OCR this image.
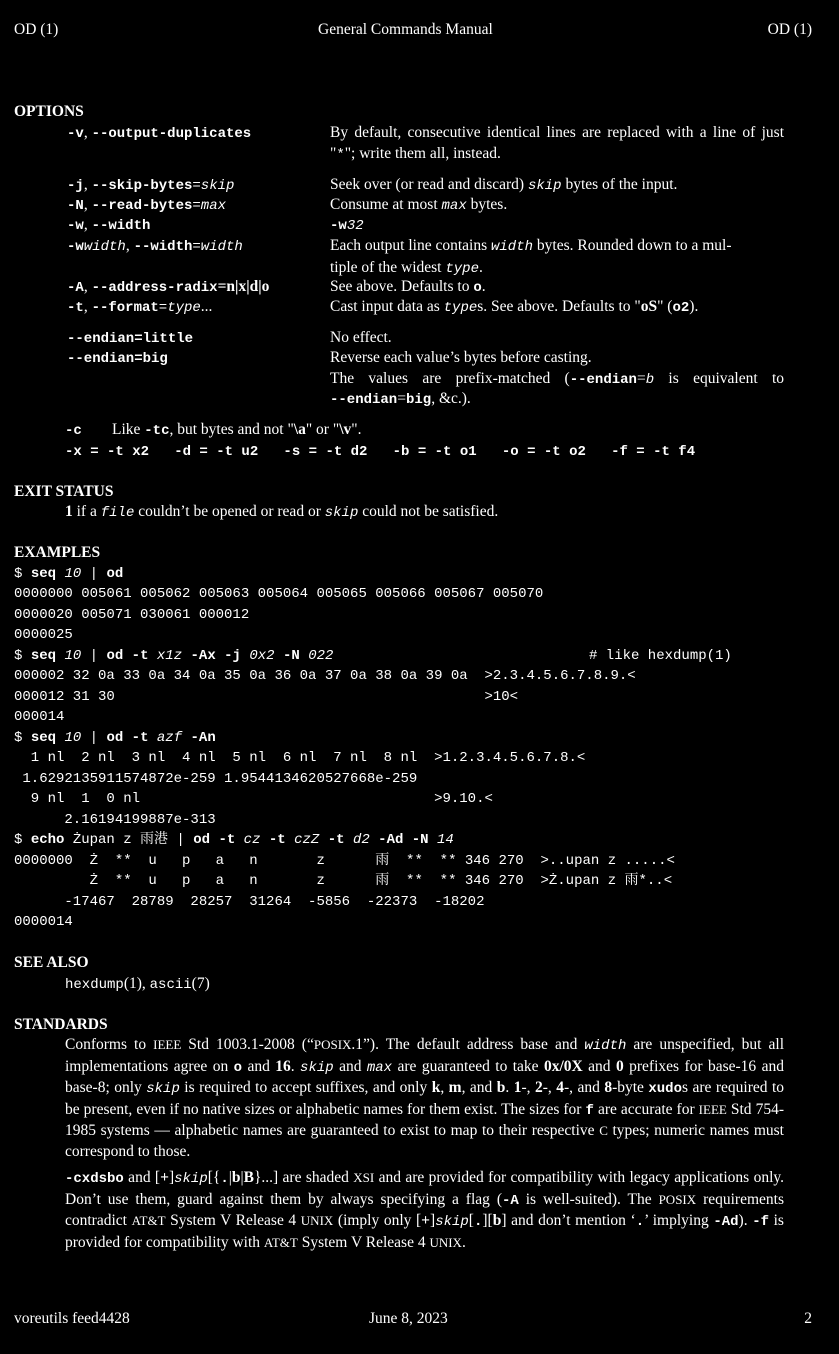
OD (1)	General Commands Manual	OD (1)
OPTIONS
-v, --output-duplicates	By default, consecutive identical lines are replaced with a line of just "*"; write them all, instead.
-j, --skip-bytes=skip	Seek over (or read and discard) skip bytes of the input.
-N, --read-bytes=max	Consume at most max bytes.
-w, --width	-w32
-wwidth, --width=width	Each output line contains width bytes. Rounded down to a mul-
tiple of the widest type.
-A, --address-radix=n|x|d|o	See above. Defaults to o.
-t, --format=type...	Cast input data as types. See above. Defaults to "oS" (o2).
--endian=little	No effect.
--endian=big	Reverse each value’s bytes before casting.
The values are prefix-matched (--endian=b is equivalent to
--endian=big, &c.).
-c Like -tc, but bytes and not "\a" or "\v".
-x = -t x2   -d = -t u2   -s = -t d2   -b = -t o1   -o = -t o2   -f = -t f4
EXIT STATUS
1 if a file couldn’t be opened or read or skip could not be satisfied.
EXAMPLES
$ seq 10 | od
0000000 005061 005062 005063 005064 005065 005066 005067 005070
0000020 005071 030061 000012
0000025
$ seq 10 | od -t x1z -Ax -j 0x2 -N 022	# like hexdump(1)
000002 32 0a 33 0a 34 0a 35 0a 36 0a 37 0a 38 0a 39 0a  >2.3.4.5.6.7.8.9.<
000012 31 30                                            >10<
000014
$ seq 10 | od -t azf -An
1 nl  2 nl  3 nl  4 nl  5 nl  6 nl  7 nl  8 nl  >1.2.3.4.5.6.7.8.<
1.6292135911574872e-259 1.9544134620527668e-259
9 nl  1  0 nl                                   >9.10.<
2.16194199887e-313
$ echo Żupan z 雨港 | od -t cz -t czZ -t d2 -Ad -N 14
0000000  Ż  **  u   p   a   n       z      雨  **  ** 346 270  >..upan z .....<
Ż  **  u   p   a   n       z      雨  **  ** 346 270  >Ż.upan z 雨*..<
-17467  28789  28257  31264  -5856  -22373  -18202
0000014
SEE ALSO
hexdump(1), ascii(7)
STANDARDS
Conforms to IEEE Std 1003.1-2008 (“POSIX.1”). The default address base and width are unspecified, but all implementations agree on o and 16. skip and max are guaranteed to take 0x/0X and 0 prefixes for base-16 and base-8; only skip is required to accept suffixes, and only k, m, and b. 1-, 2-, 4-, and 8-byte xudos are required to be present, even if no native sizes or alphabetic names for them exist. The sizes for f are accurate for IEEE Std 754-1985 systems — alphabetic names are guaranteed to exist to map to their respective C types; numeric names must correspond to those.
-cxdsbo and [+]skip[{.|b|B}...] are shaded XSI and are provided for compatibility with legacy applications only. Don’t use them, guard against them by always specifying a flag (-A is well-suited). The POSIX requirements contradict AT&T System V Release 4 UNIX (imply only [+]skip[.][b] and don’t mention ‘.’ implying -Ad). -f is provided for compatibility with AT&T System V Release 4 UNIX.
voreutils feed4428	June 8, 2023	2
